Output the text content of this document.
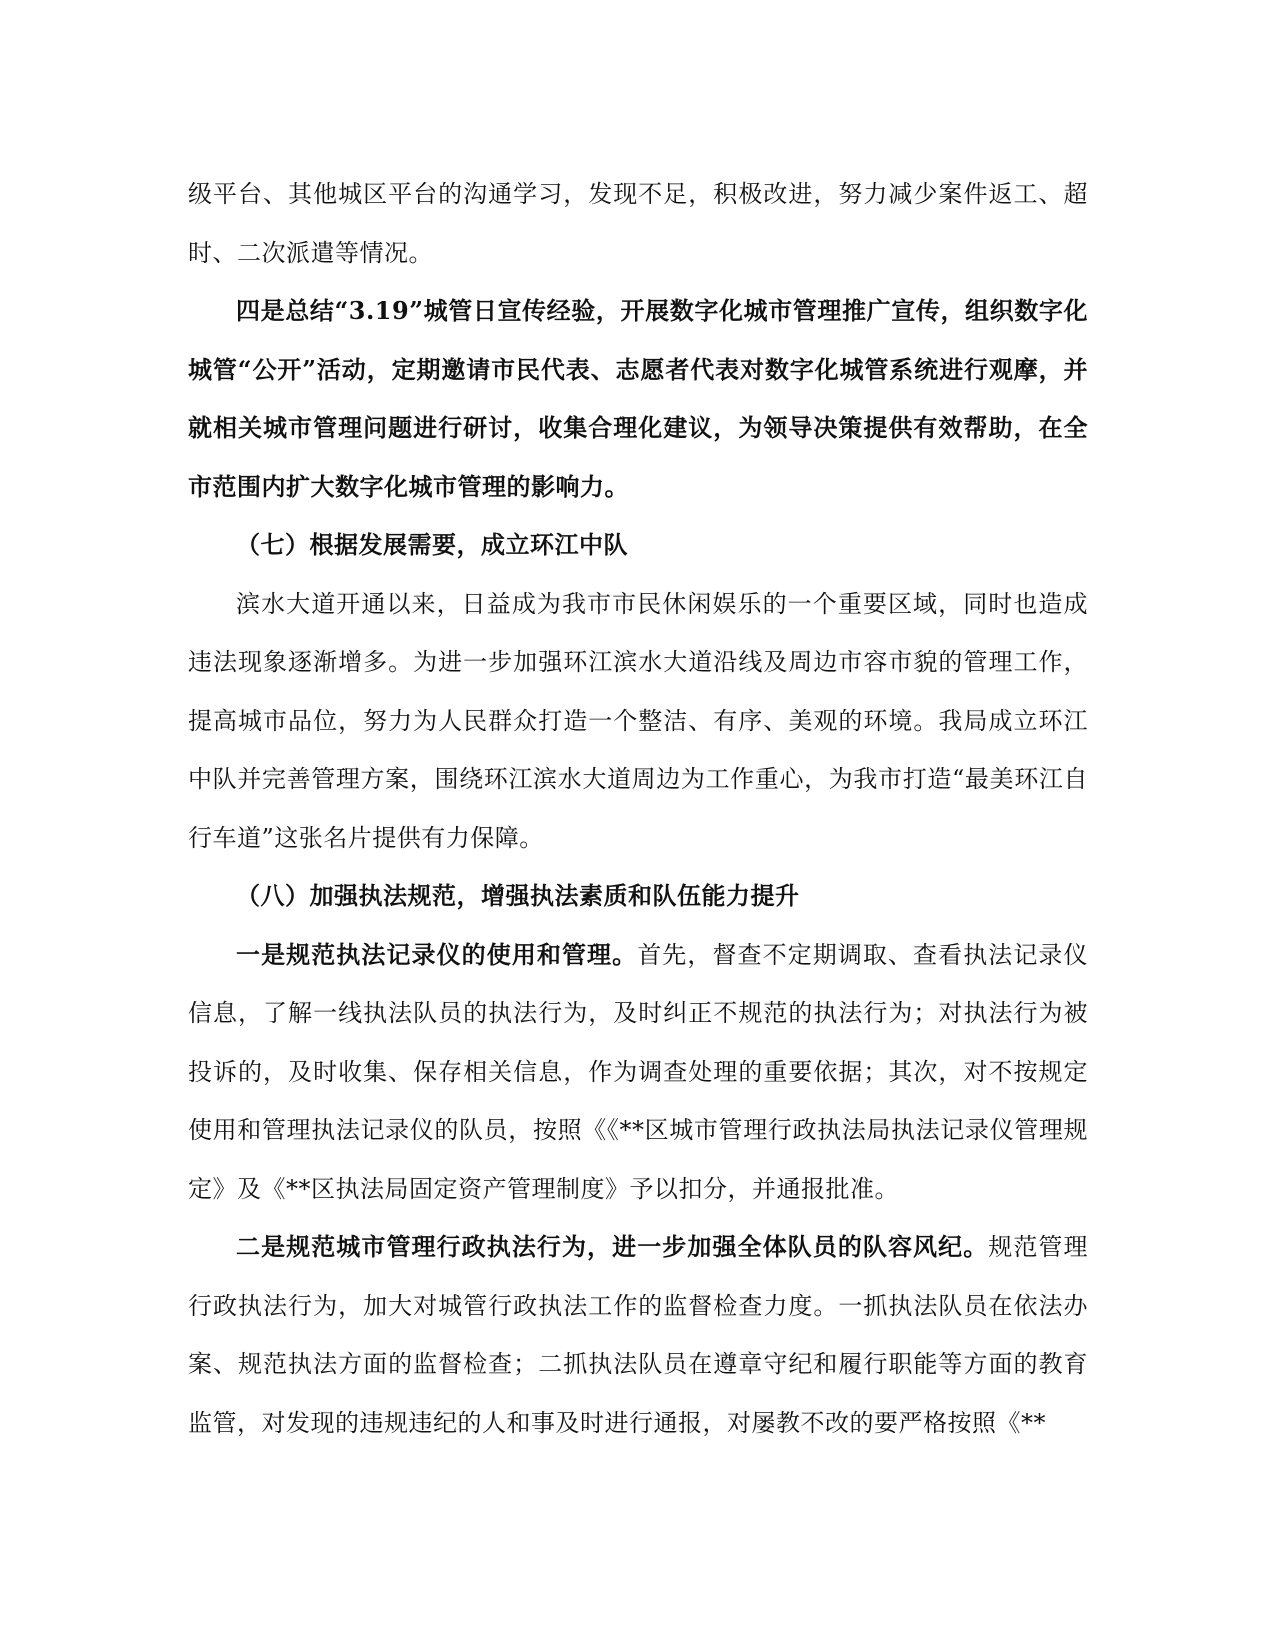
级平台、其他城区平台的沟通学习，发现不足，积极改进，努力减少案件返工、超时、二次派遣等情况。

四是总结“3.19”城管日宣传经验，开展数字化城市管理推广宣传，组织数字化城管“公开”活动，定期邀请市民代表、志愿者代表对数字化城管系统进行观摩，并就相关城市管理问题进行研讨，收集合理化建议，为领导决策提供有效帮助，在全市范围内扩大数字化城市管理的影响力。

（七）根据发展需要，成立环江中队

滨水大道开通以来，日益成为我市市民休闲娱乐的一个重要区域，同时也造成违法现象逐渐增多。为进一步加强环江滨水大道沿线及周边市容市貌的管理工作，提高城市品位，努力为人民群众打造一个整洁、有序、美观的环境。我局成立环江中队并完善管理方案，围绕环江滨水大道周边为工作重心，为我市打造“最美环江自行车道”这张名片提供有力保障。

（八）加强执法规范，增强执法素质和队伍能力提升

一是规范执法记录仪的使用和管理。首先，督查不定期调取、查看执法记录仪信息，了解一线执法队员的执法行为，及时纠正不规范的执法行为；对执法行为被投诉的，及时收集、保存相关信息，作为调查处理的重要依据；其次，对不按规定使用和管理执法记录仪的队员，按照《《**区城市管理行政执法局执法记录仪管理规定》及《**区执法局固定资产管理制度》予以扣分，并通报批准。

二是规范城市管理行政执法行为，进一步加强全体队员的队容风纪。规范管理行政执法行为，加大对城管行政执法工作的监督检查力度。一抓执法队员在依法办案、规范执法方面的监督检查；二抓执法队员在遵章守纪和履行职能等方面的教育监管，对发现的违规违纪的人和事及时进行通报，对屡教不改的要严格按照《**
